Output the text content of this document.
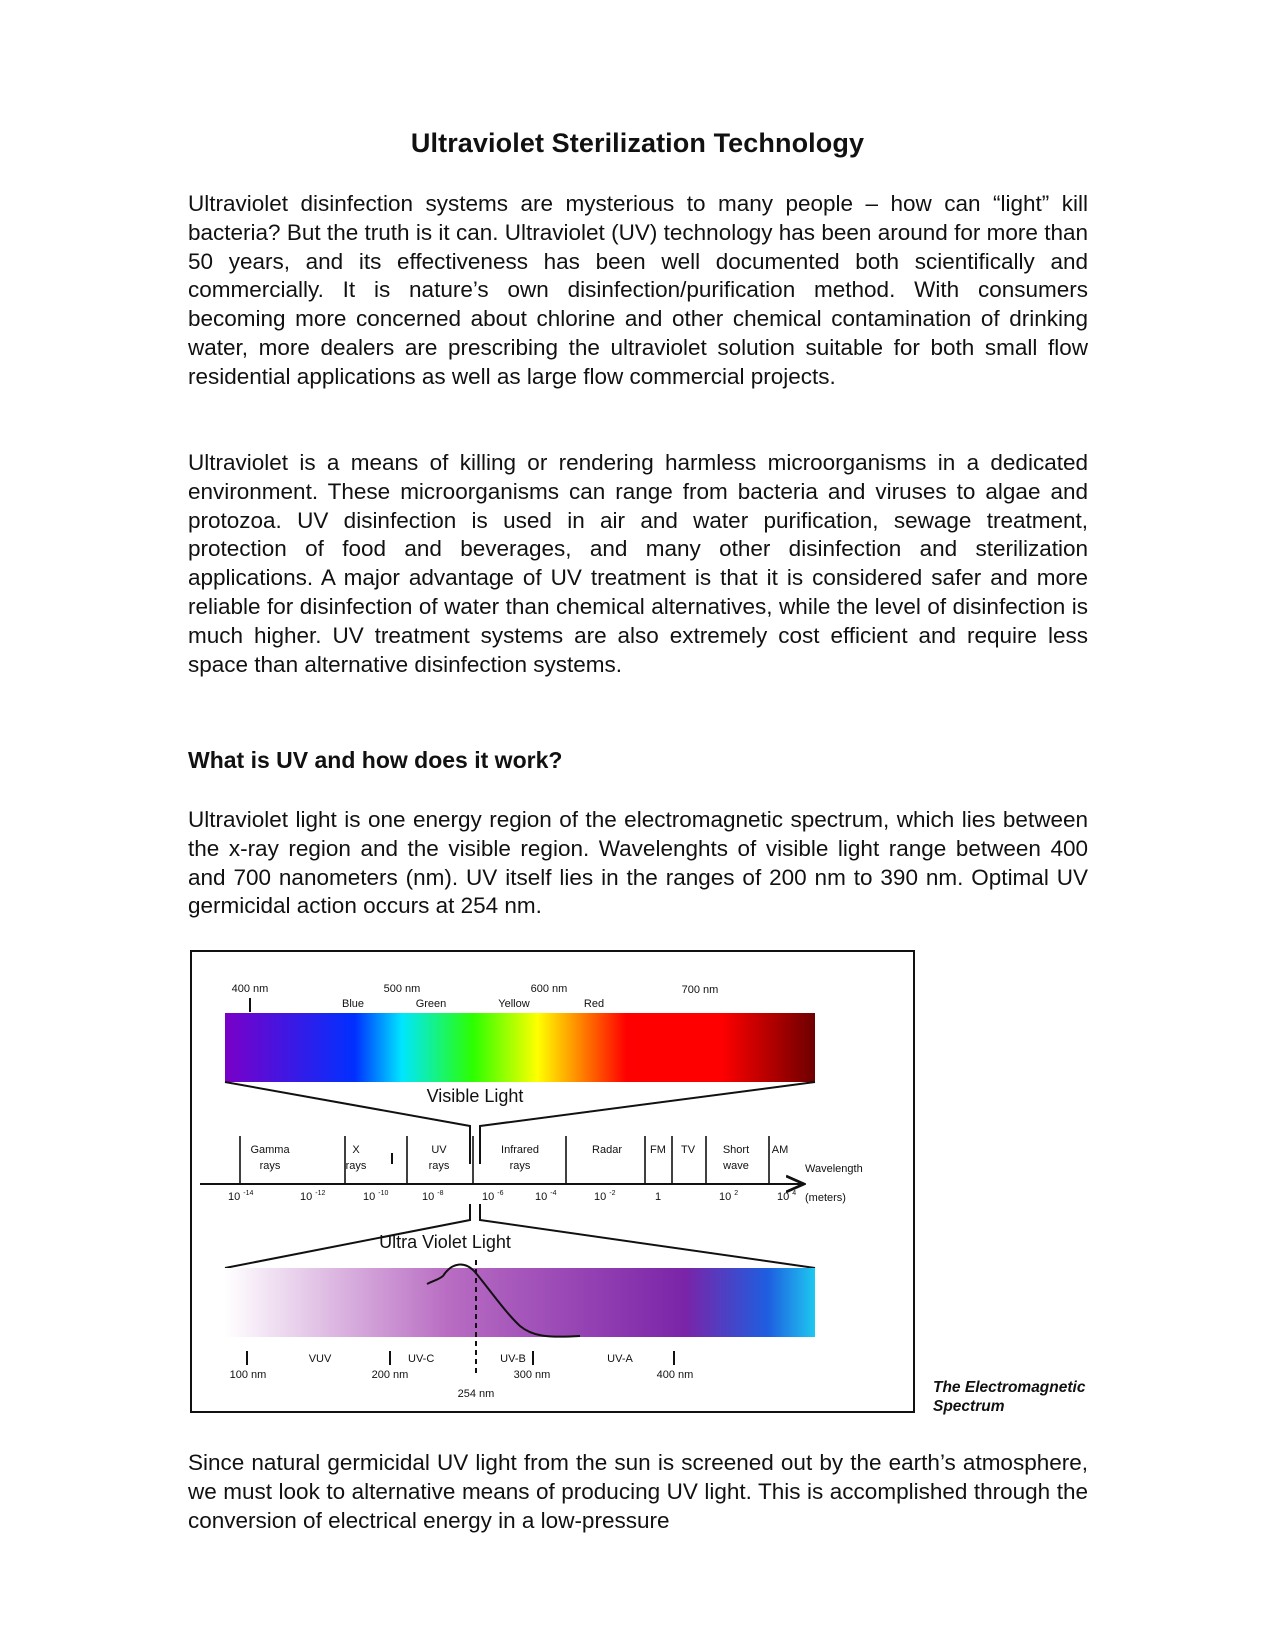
Ultraviolet Sterilization Technology

Ultraviolet disinfection systems are mysterious to many people – how can “light” kill bacteria? But the truth is it can. Ultraviolet (UV) technology has been around for more than 50 years, and its effectiveness has been well documented both scientifically and commercially. It is nature’s own disinfection/purification method. With consumers becoming more concerned about chlorine and other chemical contamination of drinking water, more dealers are prescribing the ultraviolet solution suitable for both small flow residential applications as well as large flow commercial projects.

Ultraviolet is a means of killing or rendering harmless microorganisms in a dedicated environment. These microorganisms can range from bacteria and viruses to algae and protozoa. UV disinfection is used in air and water purification, sewage treatment, protection of food and beverages, and many other disinfection and sterilization applications. A major advantage of UV treatment is that it is considered safer and more reliable for disinfection of water than chemical alternatives, while the level of disinfection is much higher. UV treatment systems are also extremely cost efficient and require less space than alternative disinfection systems.

What is UV and how does it work?

Ultraviolet light is one energy region of the electromagnetic spectrum, which lies between the x-ray region and the visible region. Wavelenghts of visible light range between 400 and 700 nanometers (nm). UV itself lies in the ranges of 200 nm to 390 nm. Optimal UV germicidal action occurs at 254 nm.

400 nm	500 nm	600 nm	700 nm
Blue	Green	Yellow	Red
Visible Light
Gamma
rays
X
rays
UV
rays
Infrared
rays
Radar	FM TV	Short
wave
AM
10 $^{-14}$	10 $^{-12}$	10 $^{-10}$	10 $^{-8}$	10 $^{-6}$	10 $^{-4}$	10 $^{-2}$	1	10 $^2$	10 $^4$
Wavelength
(meters)
Ultra Violet Light
100 nm	200 nm	300 nm	400 nm
VUV	UV-C	UV-B	UV-A
254 nm	The Electromagnetic Spectrum

Since natural germicidal UV light from the sun is screened out by the earth’s atmosphere, we must look to alternative means of producing UV light. This is accomplished through the conversion of electrical energy in a low-pressure
